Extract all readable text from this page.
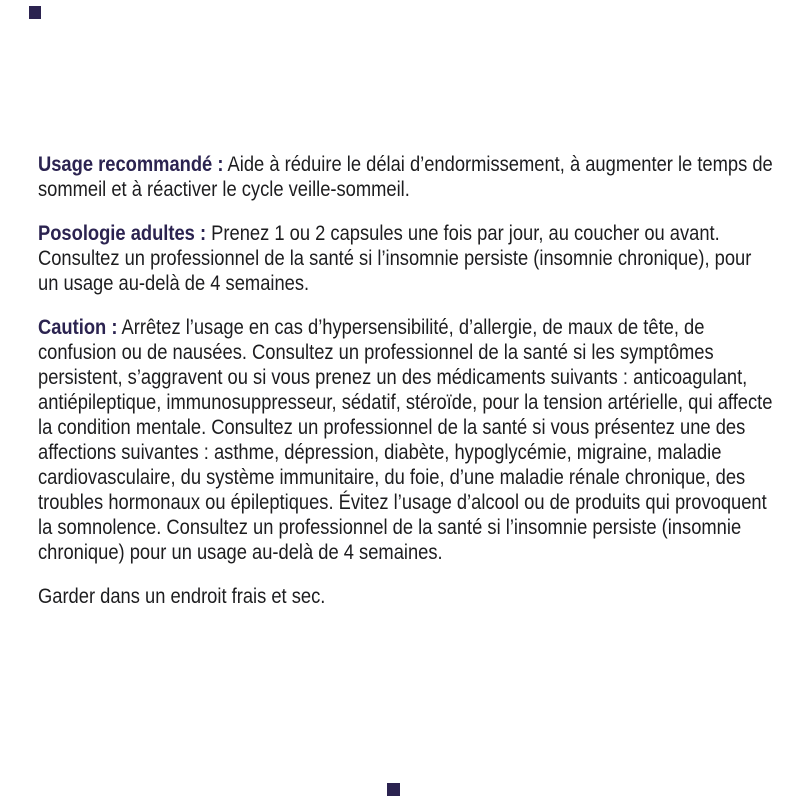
Usage recommandé : Aide à réduire le délai d’endormissement, à augmenter le temps de sommeil et à réactiver le cycle veille-sommeil.

Posologie adultes : Prenez 1 ou 2 capsules une fois par jour, au coucher ou avant. Consultez un professionnel de la santé si l’insomnie persiste (insomnie chronique), pour un usage au-delà de 4 semaines.

Caution : Arrêtez l’usage en cas d’hypersensibilité, d’allergie, de maux de tête, de confusion ou de nausées. Consultez un professionnel de la santé si les symptômes persistent, s’aggravent ou si vous prenez un des médicaments suivants : anticoagulant, antiépileptique, immunosuppresseur, sédatif, stéroïde, pour la tension artérielle, qui affecte la condition mentale. Consultez un professionnel de la santé si vous présentez une des affections suivantes : asthme, dépression, diabète, hypoglycémie, migraine, maladie cardiovasculaire, du système immunitaire, du foie, d’une maladie rénale chronique, des troubles hormonaux ou épileptiques. Évitez l’usage d’alcool ou de produits qui provoquent la somnolence. Consultez un professionnel de la santé si l’insomnie persiste (insomnie chronique) pour un usage au-delà de 4 semaines.

Garder dans un endroit frais et sec.
